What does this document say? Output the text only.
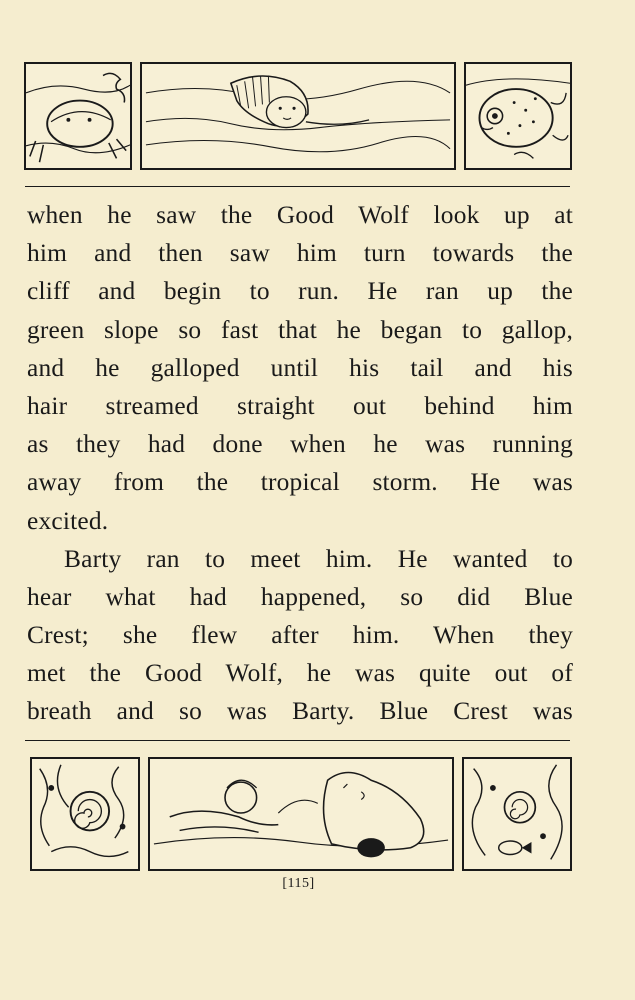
when he saw the Good Wolf look up at
him and then saw him turn towards the
cliff and begin to run. He ran up the
green slope so fast that he began to gallop,
and he galloped until his tail and his
hair streamed straight out behind him
as they had done when he was running
away from the tropical storm. He was
excited.
Barty ran to meet him. He wanted to
hear what had happened, so did Blue
Crest; she flew after him. When they
met the Good Wolf, he was quite out of
breath and so was Barty. Blue Crest was
[115]
